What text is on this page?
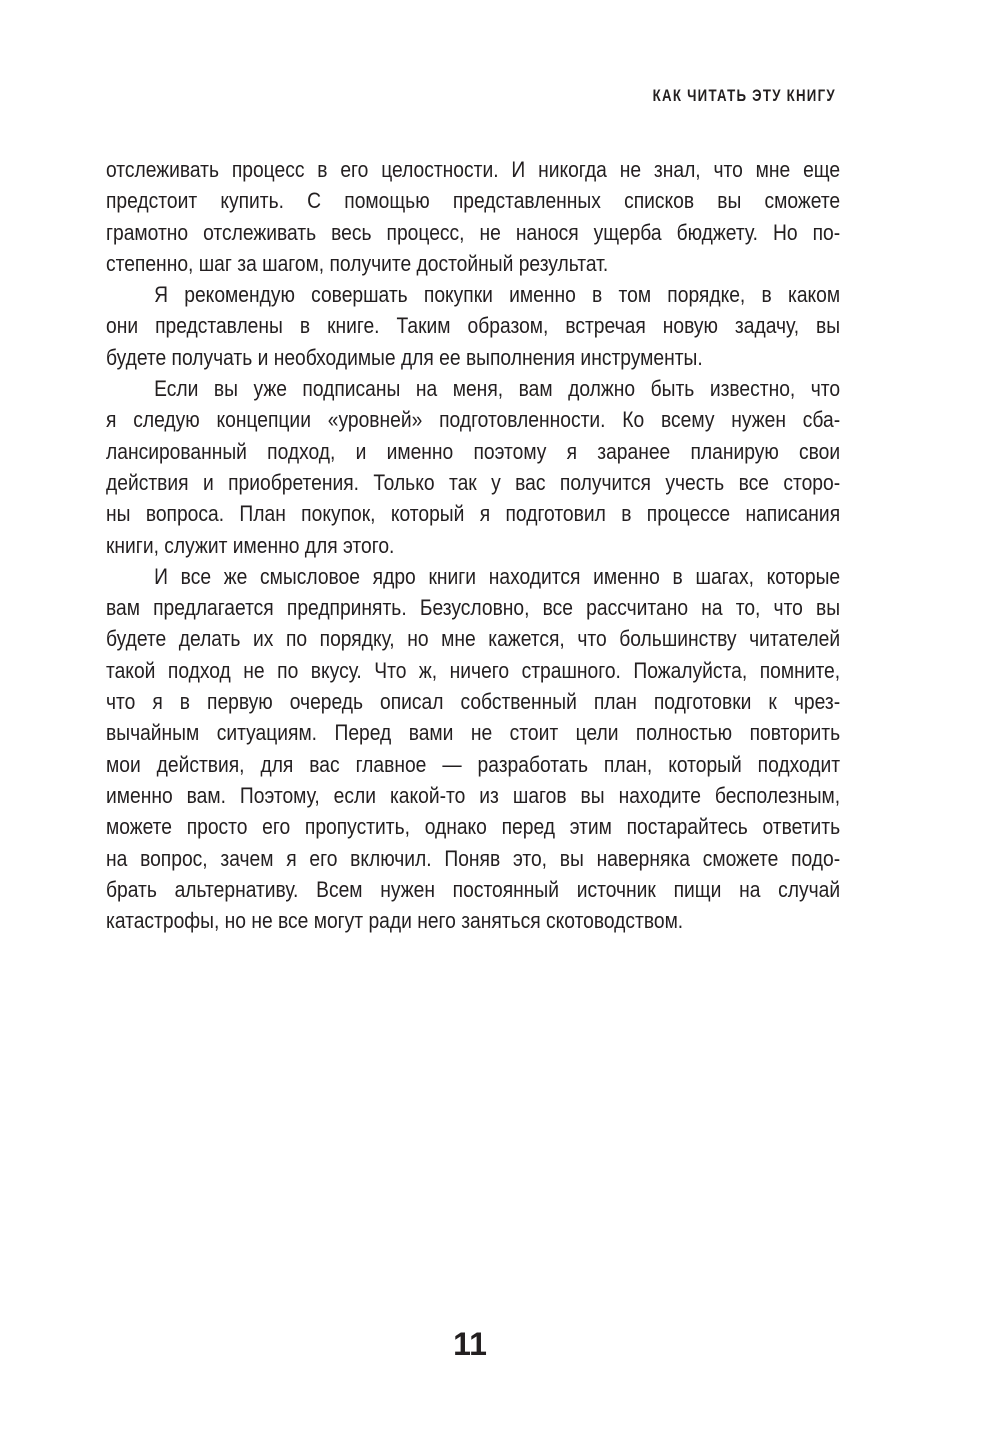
КАК ЧИТАТЬ ЭТУ КНИГУ
отслеживать процесс в его целостности. И никогда не знал, что мне еще
предстоит купить. С помощью представленных списков вы сможете
грамотно отслеживать весь процесс, не нанося ущерба бюджету. Но по-
степенно, шаг за шагом, получите достойный результат.
Я рекомендую совершать покупки именно в том порядке, в каком
они представлены в книге. Таким образом, встречая новую задачу, вы
будете получать и необходимые для ее выполнения инструменты.
Если вы уже подписаны на меня, вам должно быть известно, что
я следую концепции «уровней» подготовленности. Ко всему нужен сба-
лансированный подход, и именно поэтому я заранее планирую свои
действия и приобретения. Только так у вас получится учесть все сторо-
ны вопроса. План покупок, который я подготовил в процессе написания
книги, служит именно для этого.
И все же смысловое ядро книги находится именно в шагах, которые
вам предлагается предпринять. Безусловно, все рассчитано на то, что вы
будете делать их по порядку, но мне кажется, что большинству читателей
такой подход не по вкусу. Что ж, ничего страшного. Пожалуйста, помните,
что я в первую очередь описал собственный план подготовки к чрез-
вычайным ситуациям. Перед вами не стоит цели полностью повторить
мои действия, для вас главное — разработать план, который подходит
именно вам. Поэтому, если какой-то из шагов вы находите бесполезным,
можете просто его пропустить, однако перед этим постарайтесь ответить
на вопрос, зачем я его включил. Поняв это, вы наверняка сможете подо-
брать альтернативу. Всем нужен постоянный источник пищи на случай
катастрофы, но не все могут ради него заняться скотоводством.
11
